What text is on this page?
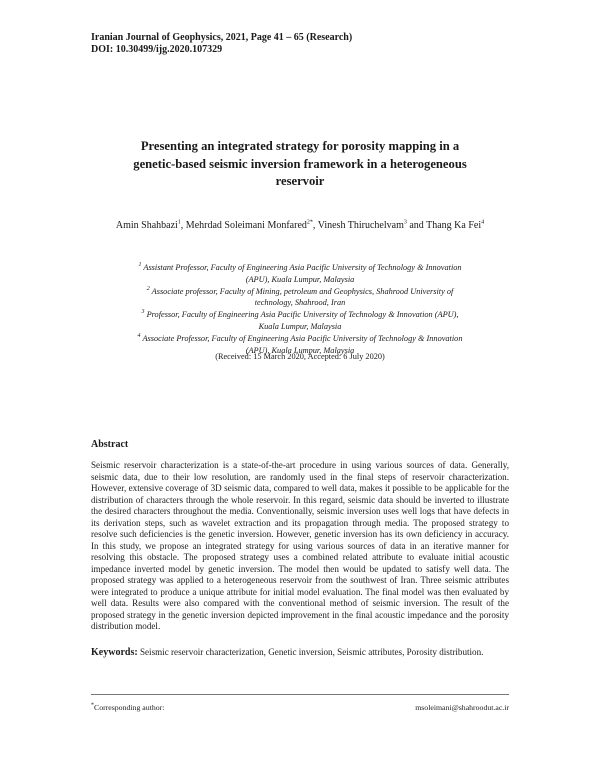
Iranian Journal of Geophysics, 2021, Page 41 – 65 (Research)
DOI: 10.30499/ijg.2020.107329
Presenting an integrated strategy for porosity mapping in a
genetic-based seismic inversion framework in a heterogeneous
reservoir
Amin Shahbazi$^1$, Mehrdad Soleimani Monfared$^{2*}$, Vinesh Thiruchelvam$^3$ and Thang Ka Fei$^4$
$^1$ Assistant Professor, Faculty of Engineering Asia Pacific University of Technology & Innovation
(APU), Kuala Lumpur, Malaysia
$^2$ Associate professor, Faculty of Mining, petroleum and Geophysics, Shahrood University of
technology, Shahrood, Iran
$^3$ Professor, Faculty of Engineering Asia Pacific University of Technology & Innovation (APU),
Kuala Lumpur, Malaysia
$^4$ Associate Professor, Faculty of Engineering Asia Pacific University of Technology & Innovation
(APU), Kuala Lumpur, Malaysia
(Received: 15 March 2020, Accepted: 6 July 2020)
Abstract

Seismic reservoir characterization is a state-of-the-art procedure in using various sources of data. Generally, seismic data, due to their low resolution, are randomly used in the final steps of reservoir characterization. However, extensive coverage of 3D seismic data, compared to well data, makes it possible to be applicable for the distribution of characters through the whole reservoir. In this regard, seismic data should be inverted to illustrate the desired characters throughout the media. Conventionally, seismic inversion uses well logs that have defects in its derivation steps, such as wavelet extraction and its propagation through media. The proposed strategy to resolve such deficiencies is the genetic inversion. However, genetic inversion has its own deficiency in accuracy. In this study, we propose an integrated strategy for using various sources of data in an iterative manner for resolving this obstacle. The proposed strategy uses a combined related attribute to evaluate initial acoustic impedance inverted model by genetic inversion. The model then would be updated to satisfy well data. The proposed strategy was applied to a heterogeneous reservoir from the southwest of Iran. Three seismic attributes were integrated to produce a unique attribute for initial model evaluation. The final model was then evaluated by well data. Results were also compared with the conventional method of seismic inversion. The result of the proposed strategy in the genetic inversion depicted improvement in the final acoustic impedance and the porosity distribution model.

Keywords: Seismic reservoir characterization, Genetic inversion, Seismic attributes, Porosity distribution.

*Corresponding author:	msoleimani@shahroodut.ac.ir
